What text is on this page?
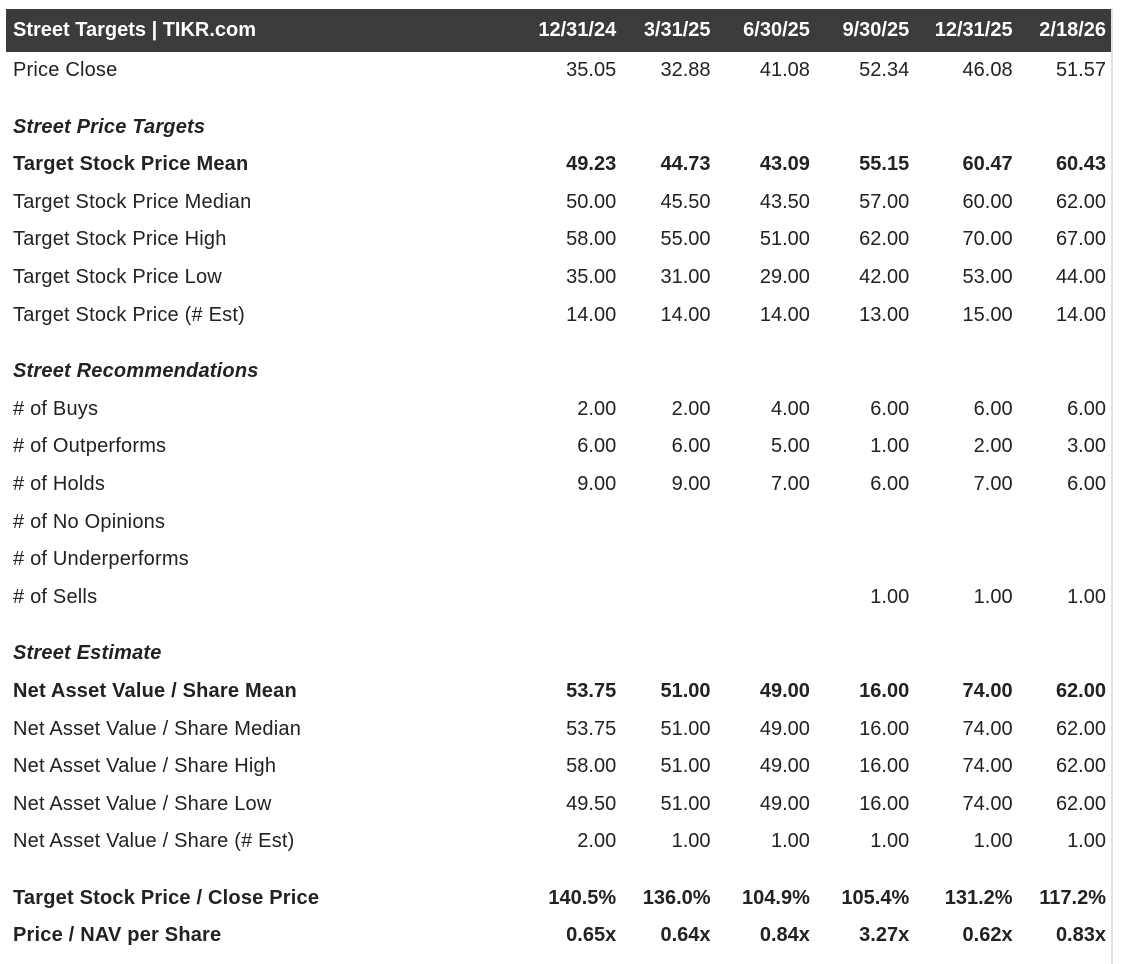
Street Targets | TIKR.com	12/31/24	3/31/25	6/30/25	9/30/25	12/31/25	2/18/26
Price Close	35.05	32.88	41.08	52.34	46.08	51.57

Street Price Targets						
Target Stock Price Mean	49.23	44.73	43.09	55.15	60.47	60.43
Target Stock Price Median	50.00	45.50	43.50	57.00	60.00	62.00
Target Stock Price High	58.00	55.00	51.00	62.00	70.00	67.00
Target Stock Price Low	35.00	31.00	29.00	42.00	53.00	44.00
Target Stock Price (# Est)	14.00	14.00	14.00	13.00	15.00	14.00

Street Recommendations						
# of Buys	2.00	2.00	4.00	6.00	6.00	6.00
# of Outperforms	6.00	6.00	5.00	1.00	2.00	3.00
# of Holds	9.00	9.00	7.00	6.00	7.00	6.00
# of No Opinions						
# of Underperforms						
# of Sells				1.00	1.00	1.00

Street Estimate						
Net Asset Value / Share Mean	53.75	51.00	49.00	16.00	74.00	62.00
Net Asset Value / Share Median	53.75	51.00	49.00	16.00	74.00	62.00
Net Asset Value / Share High	58.00	51.00	49.00	16.00	74.00	62.00
Net Asset Value / Share Low	49.50	51.00	49.00	16.00	74.00	62.00
Net Asset Value / Share (# Est)	2.00	1.00	1.00	1.00	1.00	1.00

Target Stock Price / Close Price	140.5%	136.0%	104.9%	105.4%	131.2%	117.2%
Price / NAV per Share	0.65x	0.64x	0.84x	3.27x	0.62x	0.83x
